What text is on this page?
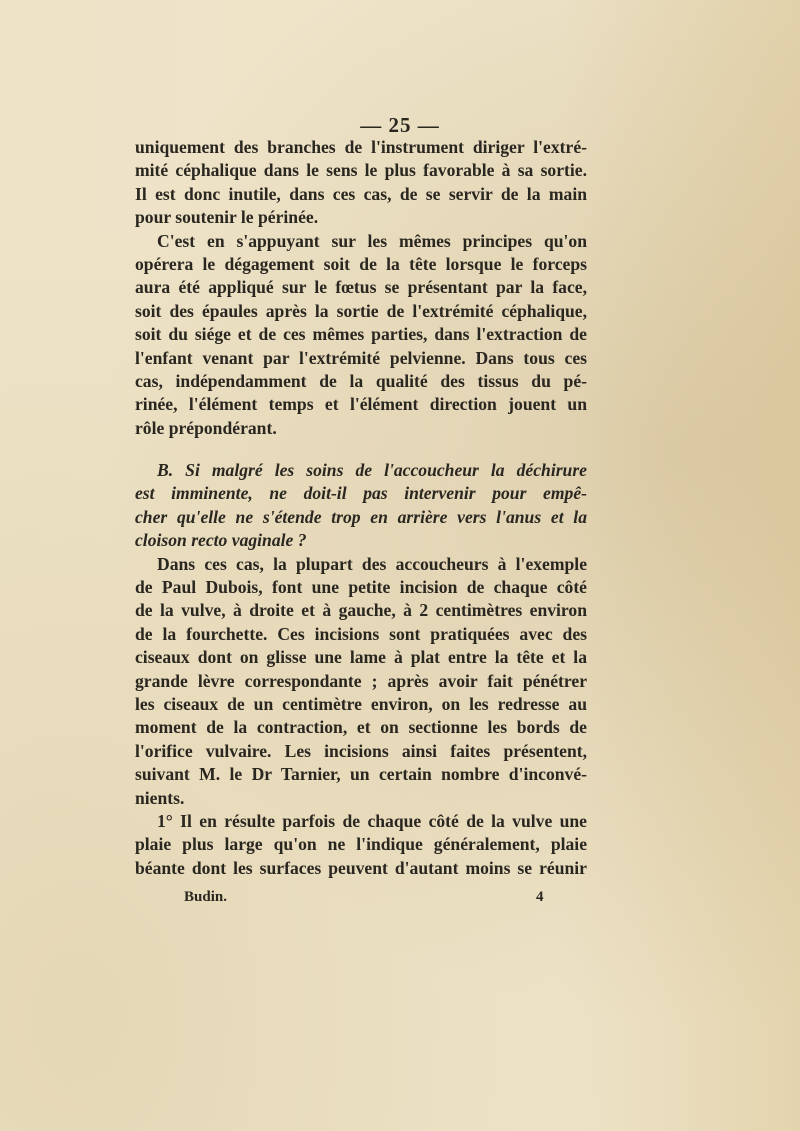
— 25 —
uniquement des branches de l'instrument diriger l'extré-
mité céphalique dans le sens le plus favorable à sa sortie.
Il est donc inutile, dans ces cas, de se servir de la main
pour soutenir le périnée.
C'est en s'appuyant sur les mêmes principes qu'on
opérera le dégagement soit de la tête lorsque le forceps
aura été appliqué sur le fœtus se présentant par la face,
soit des épaules après la sortie de l'extrémité céphalique,
soit du siége et de ces mêmes parties, dans l'extraction de
l'enfant venant par l'extrémité pelvienne. Dans tous ces
cas, indépendamment de la qualité des tissus du pé-
rinée, l'élément temps et l'élément direction jouent un
rôle prépondérant.
B. Si malgré les soins de l'accoucheur la déchirure
est imminente, ne doit-il pas intervenir pour empê-
cher qu'elle ne s'étende trop en arrière vers l'anus et la
cloison recto vaginale ?
Dans ces cas, la plupart des accoucheurs à l'exemple
de Paul Dubois, font une petite incision de chaque côté
de la vulve, à droite et à gauche, à 2 centimètres environ
de la fourchette. Ces incisions sont pratiquées avec des
ciseaux dont on glisse une lame à plat entre la tête et la
grande lèvre correspondante ; après avoir fait pénétrer
les ciseaux de un centimètre environ, on les redresse au
moment de la contraction, et on sectionne les bords de
l'orifice vulvaire. Les incisions ainsi faites présentent,
suivant M. le Dr Tarnier, un certain nombre d'inconvé-
nients.
1° Il en résulte parfois de chaque côté de la vulve une
plaie plus large qu'on ne l'indique généralement, plaie
béante dont les surfaces peuvent d'autant moins se réunir
Budin.	4
